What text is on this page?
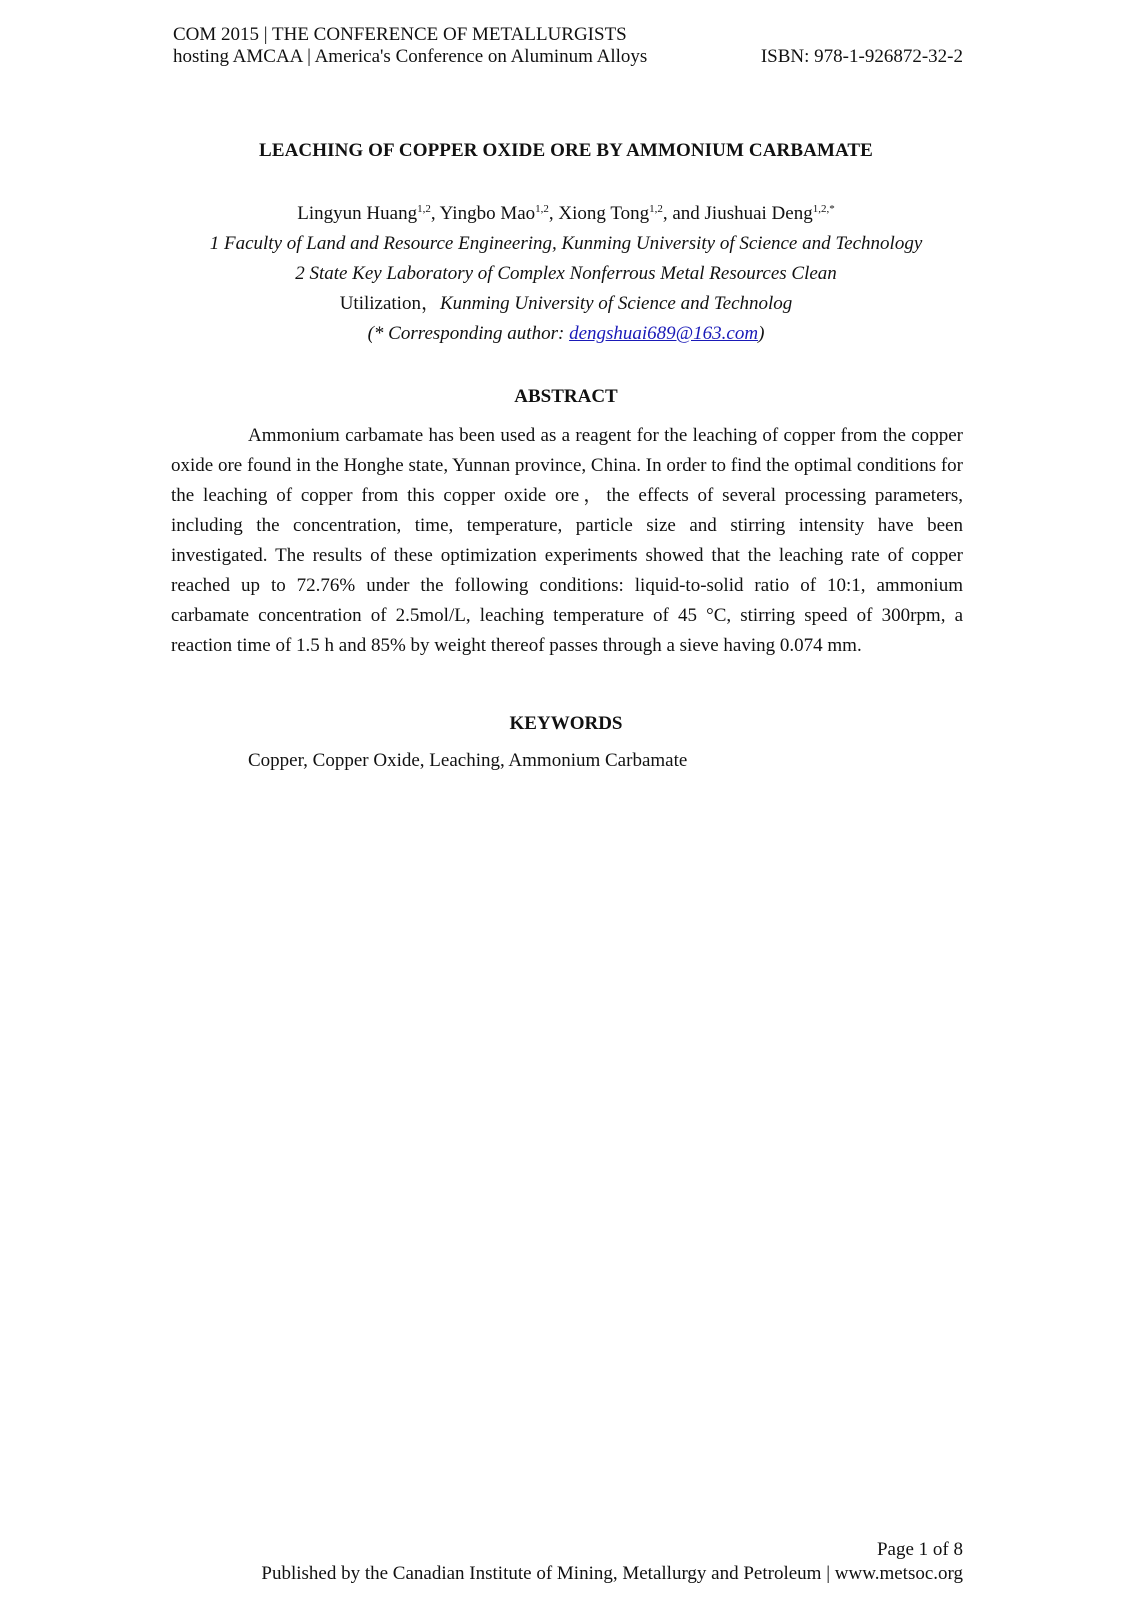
COM 2015 | THE CONFERENCE OF METALLURGISTS
hosting AMCAA | America's Conference on Aluminum Alloys	ISBN: 978-1-926872-32-2
LEACHING OF COPPER OXIDE ORE BY AMMONIUM CARBAMATE
Lingyun Huang$^{1,2}$, Yingbo Mao$^{1,2}$, Xiong Tong$^{1,2}$, and Jiushuai Deng$^{1,2,*}$
1 Faculty of Land and Resource Engineering, Kunming University of Science and Technology
2 State Key Laboratory of Complex Nonferrous Metal Resources Clean
Utilization，Kunming University of Science and Technolog
(* Corresponding author: dengshuai689@163.com)
ABSTRACT

Ammonium carbamate has been used as a reagent for the leaching of copper from the copper oxide ore found in the Honghe state, Yunnan province, China. In order to find the optimal conditions for the leaching of copper from this copper oxide ore，the effects of several processing parameters, including the concentration, time, temperature, particle size and stirring intensity have been investigated. The results of these optimization experiments showed that the leaching rate of copper reached up to 72.76% under the following conditions: liquid-to-solid ratio of 10:1, ammonium carbamate concentration of 2.5mol/L, leaching temperature of 45 °C, stirring speed of 300rpm, a reaction time of 1.5 h and 85% by weight thereof passes through a sieve having 0.074 mm.

KEYWORDS
Copper, Copper Oxide, Leaching, Ammonium Carbamate
Page 1 of 8
Published by the Canadian Institute of Mining, Metallurgy and Petroleum | www.metsoc.org
